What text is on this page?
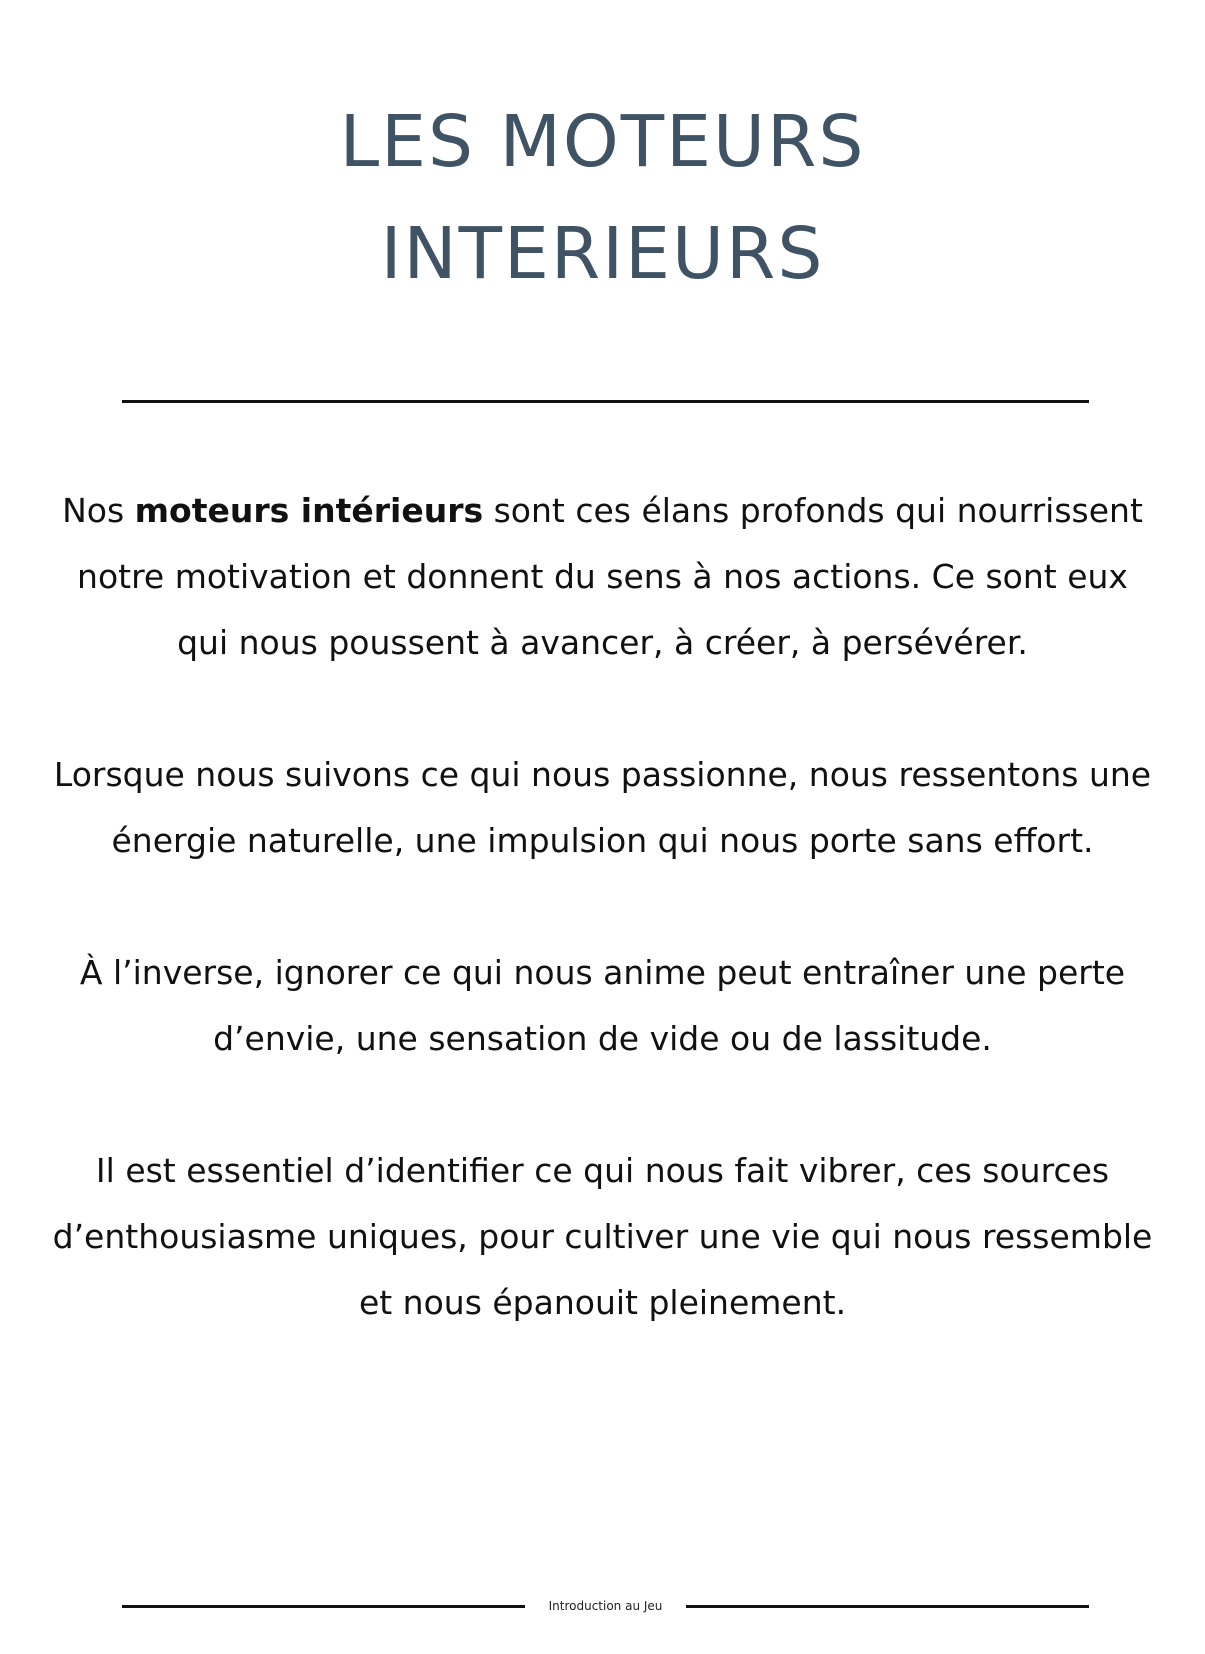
LES MOTEURS
INTERIEURS

Nos moteurs intérieurs sont ces élans profonds qui nourrissent notre motivation et donnent du sens à nos actions. Ce sont eux qui nous poussent à avancer, à créer, à persévérer.

Lorsque nous suivons ce qui nous passionne, nous ressentons une énergie naturelle, une impulsion qui nous porte sans effort.

À l’inverse, ignorer ce qui nous anime peut entraîner une perte d’envie, une sensation de vide ou de lassitude.

Il est essentiel d’identifier ce qui nous fait vibrer, ces sources d’enthousiasme uniques, pour cultiver une vie qui nous ressemble et nous épanouit pleinement.

Introduction au Jeu
